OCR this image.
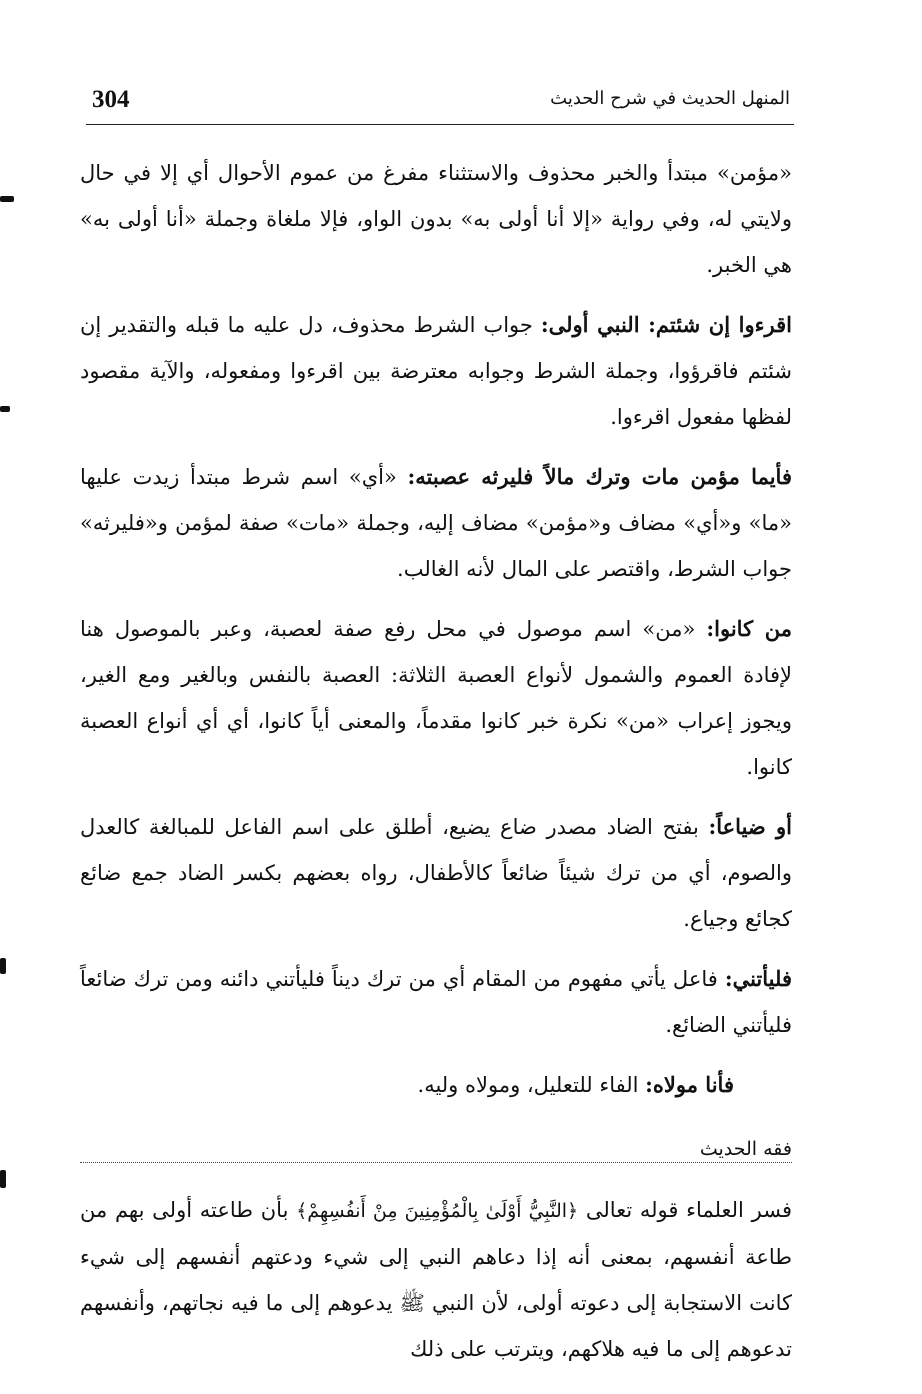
304	المنهل الحديث في شرح الحديث

«مؤمن» مبتدأ والخبر محذوف والاستثناء مفرغ من عموم الأحوال أي إلا في حال ولايتي له، وفي رواية «إلا أنا أولى به» بدون الواو، فإلا ملغاة وجملة «أنا أولى به» هي الخبر.

اقرءوا إن شئتم: النبي أولى: جواب الشرط محذوف، دل عليه ما قبله والتقدير إن شئتم فاقرؤوا، وجملة الشرط وجوابه معترضة بين اقرءوا ومفعوله، والآية مقصود لفظها مفعول اقرءوا.

فأيما مؤمن مات وترك مالاً فليرثه عصبته: «أي» اسم شرط مبتدأ زيدت عليها «ما» و«أي» مضاف و«مؤمن» مضاف إليه، وجملة «مات» صفة لمؤمن و«فليرثه» جواب الشرط، واقتصر على المال لأنه الغالب.

من كانوا: «من» اسم موصول في محل رفع صفة لعصبة، وعبر بالموصول هنا لإفادة العموم والشمول لأنواع العصبة الثلاثة: العصبة بالنفس وبالغير ومع الغير، ويجوز إعراب «من» نكرة خبر كانوا مقدماً، والمعنى أياً كانوا، أي أي أنواع العصبة كانوا.

أو ضياعاً: بفتح الضاد مصدر ضاع يضيع، أطلق على اسم الفاعل للمبالغة كالعدل والصوم، أي من ترك شيئاً ضائعاً كالأطفال، رواه بعضهم بكسر الضاد جمع ضائع كجائع وجياع.

فليأتني: فاعل يأتي مفهوم من المقام أي من ترك ديناً فليأتني دائنه ومن ترك ضائعاً فليأتني الضائع.

فأنا مولاه: الفاء للتعليل، ومولاه وليه.

فقه الحديث

فسر العلماء قوله تعالى ﴿النَّبِيُّ أَوْلَىٰ بِالْمُؤْمِنِينَ مِنْ أَنفُسِهِمْ﴾ بأن طاعته أولى بهم من طاعة أنفسهم، بمعنى أنه إذا دعاهم النبي إلى شيء ودعتهم أنفسهم إلى شيء كانت الاستجابة إلى دعوته أولى، لأن النبي ﷺ يدعوهم إلى ما فيه نجاتهم، وأنفسهم تدعوهم إلى ما فيه هلاكهم، ويترتب على ذلك
